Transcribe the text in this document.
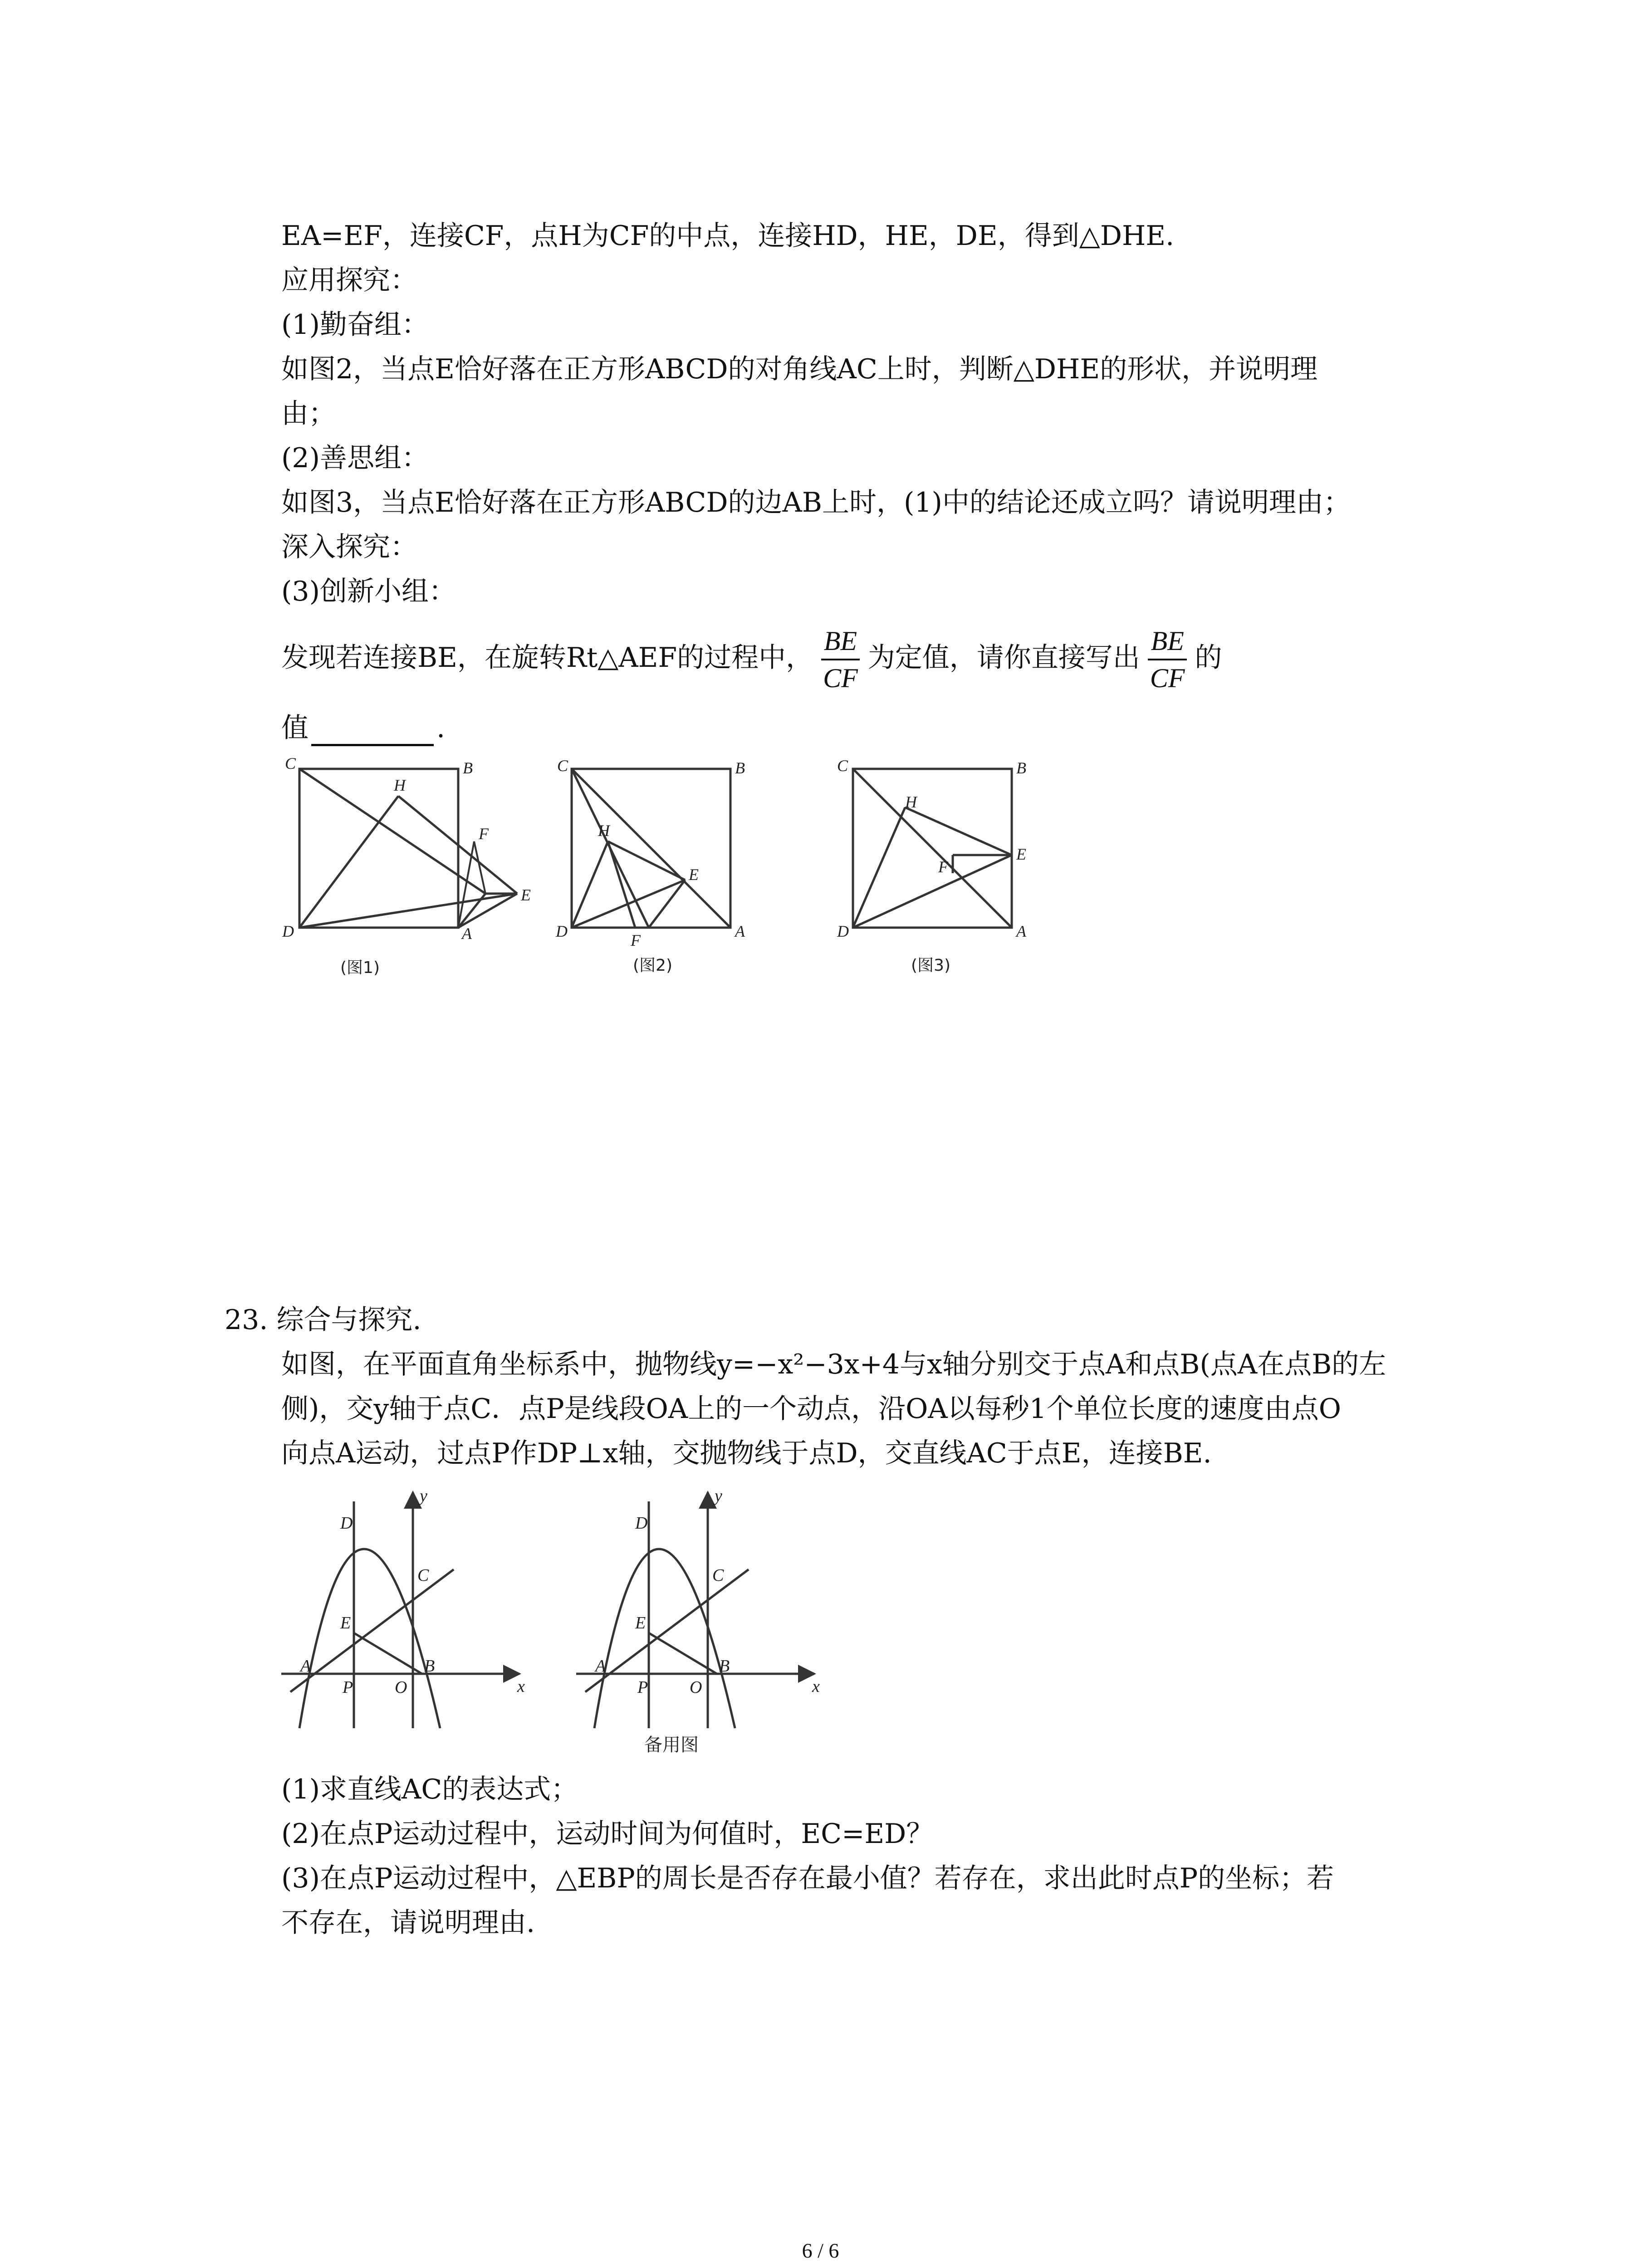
EA=EF，连接CF，点H为CF的中点，连接HD，HE，DE，得到△DHE.
应用探究：
(1)勤奋组：
如图2，当点E恰好落在正方形ABCD的对角线AC上时，判断△DHE的形状，并说明理
由；
(2)善思组：
如图3，当点E恰好落在正方形ABCD的边AB上时，(1)中的结论还成立吗？请说明理由；
深入探究：
(3)创新小组：
发现若连接BE，在旋转Rt△AEF的过程中， $\frac{BE}{CF}$ 为定值，请你直接写出 $\frac{BE}{CF}$ 的
值	.
C	B
H
F
E
D	A
(图1)
C	B
H
E
D	F	A
(图2)
C	B
H
E
F
D	A
(图3)
23. 综合与探究.
如图，在平面直角坐标系中，抛物线y=−x²−3x+4与x轴分别交于点A和点B(点A在点B的左
侧)，交y轴于点C．点P是线段OA上的一个动点，沿OA以每秒1个单位长度的速度由点O
向点A运动，过点P作DP⊥x轴，交抛物线于点D，交直线AC于点E，连接BE.
y
x
D
C
E
A	B
P O
y
x
D
C
E
A	B
P O
备用图
(1)求直线AC的表达式；
(2)在点P运动过程中，运动时间为何值时，EC=ED？
(3)在点P运动过程中，△EBP的周长是否存在最小值？若存在，求出此时点P的坐标；若
不存在，请说明理由.
6 / 6
